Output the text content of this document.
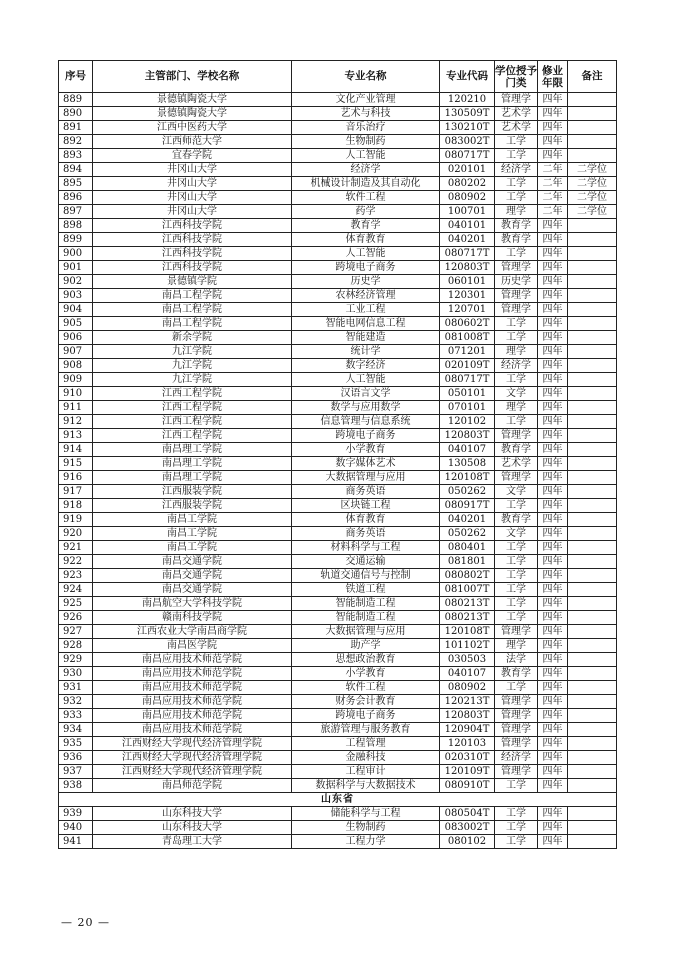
序号	主管部门、学校名称	专业名称	专业代码	学位授予门类	修业年限	备注
889	景德镇陶瓷大学	文化产业管理	120210	管理学	四年	
890	景德镇陶瓷大学	艺术与科技	130509T	艺术学	四年	
891	江西中医药大学	音乐治疗	130210T	艺术学	四年	
892	江西师范大学	生物制药	083002T	工学	四年	
893	宜春学院	人工智能	080717T	工学	四年	
894	井冈山大学	经济学	020101	经济学	二年	二学位
895	井冈山大学	机械设计制造及其自动化	080202	工学	二年	二学位
896	井冈山大学	软件工程	080902	工学	二年	二学位
897	井冈山大学	药学	100701	理学	二年	二学位
898	江西科技学院	教育学	040101	教育学	四年	
899	江西科技学院	体育教育	040201	教育学	四年	
900	江西科技学院	人工智能	080717T	工学	四年	
901	江西科技学院	跨境电子商务	120803T	管理学	四年	
902	景德镇学院	历史学	060101	历史学	四年	
903	南昌工程学院	农林经济管理	120301	管理学	四年	
904	南昌工程学院	工业工程	120701	管理学	四年	
905	南昌工程学院	智能电网信息工程	080602T	工学	四年	
906	新余学院	智能建造	081008T	工学	四年	
907	九江学院	统计学	071201	理学	四年	
908	九江学院	数字经济	020109T	经济学	四年	
909	九江学院	人工智能	080717T	工学	四年	
910	江西工程学院	汉语言文学	050101	文学	四年	
911	江西工程学院	数学与应用数学	070101	理学	四年	
912	江西工程学院	信息管理与信息系统	120102	工学	四年	
913	江西工程学院	跨境电子商务	120803T	管理学	四年	
914	南昌理工学院	小学教育	040107	教育学	四年	
915	南昌理工学院	数字媒体艺术	130508	艺术学	四年	
916	南昌理工学院	大数据管理与应用	120108T	管理学	四年	
917	江西服装学院	商务英语	050262	文学	四年	
918	江西服装学院	区块链工程	080917T	工学	四年	
919	南昌工学院	体育教育	040201	教育学	四年	
920	南昌工学院	商务英语	050262	文学	四年	
921	南昌工学院	材料科学与工程	080401	工学	四年	
922	南昌交通学院	交通运输	081801	工学	四年	
923	南昌交通学院	轨道交通信号与控制	080802T	工学	四年	
924	南昌交通学院	铁道工程	081007T	工学	四年	
925	南昌航空大学科技学院	智能制造工程	080213T	工学	四年	
926	赣南科技学院	智能制造工程	080213T	工学	四年	
927	江西农业大学南昌商学院	大数据管理与应用	120108T	管理学	四年	
928	南昌医学院	助产学	101102T	理学	四年	
929	南昌应用技术师范学院	思想政治教育	030503	法学	四年	
930	南昌应用技术师范学院	小学教育	040107	教育学	四年	
931	南昌应用技术师范学院	软件工程	080902	工学	四年	
932	南昌应用技术师范学院	财务会计教育	120213T	管理学	四年	
933	南昌应用技术师范学院	跨境电子商务	120803T	管理学	四年	
934	南昌应用技术师范学院	旅游管理与服务教育	120904T	管理学	四年	
935	江西财经大学现代经济管理学院	工程管理	120103	管理学	四年	
936	江西财经大学现代经济管理学院	金融科技	020310T	经济学	四年	
937	江西财经大学现代经济管理学院	工程审计	120109T	管理学	四年	
938	南昌师范学院	数据科学与大数据技术	080910T	工学	四年	
山东省						
939	山东科技大学	储能科学与工程	080504T	工学	四年	
940	山东科技大学	生物制药	083002T	工学	四年	
941	青岛理工大学	工程力学	080102	工学	四年	
— 20 —
